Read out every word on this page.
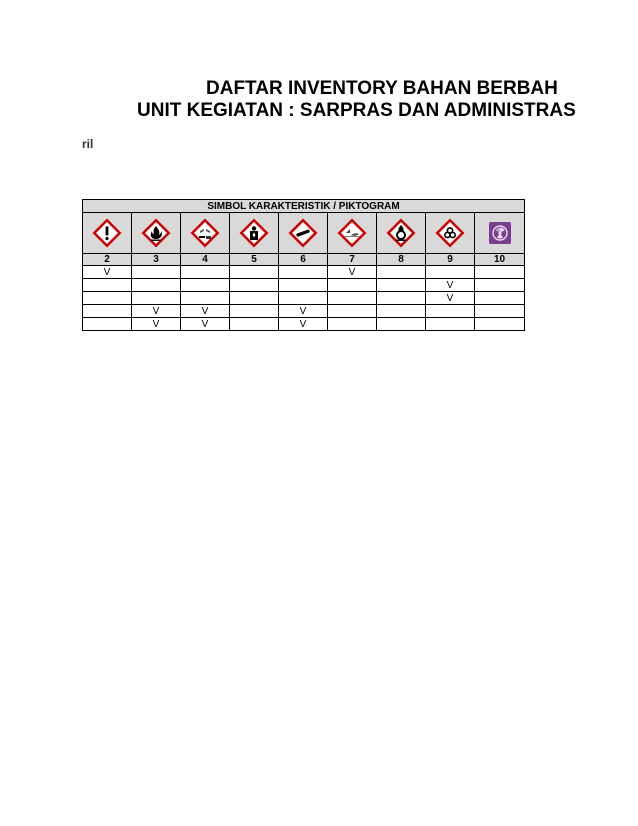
DAFTAR INVENTORY BAHAN BERBAH
UNIT KEGIATAN : SARPRAS DAN ADMINISTRAS
ril
SIMBOL KARAKTERISTIK / PIKTOGRAM								

2	3	4	5	6	7	8	9	10
V					V			
							V	
							V	
	V	V		V				
	V	V		V				
